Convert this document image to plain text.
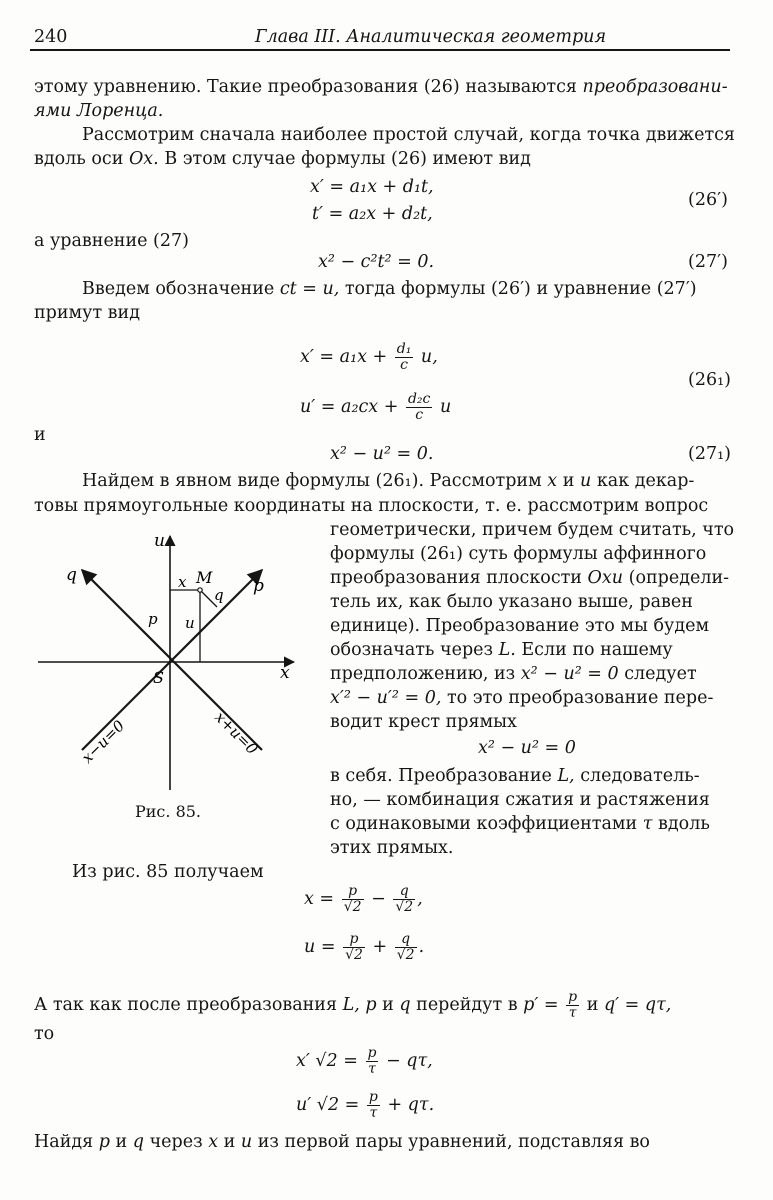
240	Глава III. Аналитическая геометрия
этому уравнению. Такие преобразования (26) называются преобразовани-
ями Лоренца.
Рассмотрим сначала наиболее простой случай, когда точка движется
вдоль оси Ox. В этом случае формулы (26) имеют вид
x′ = a₁x + d₁t,
t′ = a₂x + d₂t,
(26′)
а уравнение (27)
x² − c²t² = 0.	(27′)
Введем обозначение ct = u, тогда формулы (26′) и уравнение (27′)
примут вид
$x' = a_1x + \frac{\text{d₁}}{c} u$,
$u' = a_2cx + \frac{\text{d₂c}}{c}$ u
(26₁)
и
x² − u² = 0.	(27₁)
Найдем в явном виде формулы (26₁). Рассмотрим x и u как декар-
товы прямоугольные координаты на плоскости, т. е. рассмотрим вопрос
геометрически, причем будем считать, что
формулы (26₁) суть формулы аффинного
преобразования плоскости Oxu (определи-
тель их, как было указано выше, равен
единице). Преобразование это мы будем
обозначать через L. Если по нашему
предположению, из x² − u² = 0 следует
x′² − u′² = 0, то это преобразование пере-
водит крест прямых
x² − u² = 0
в себя. Преобразование L, следователь-
но, — комбинация сжатия и растяжения
с одинаковыми коэффициентами τ вдоль
этих прямых.
u
x
S
q
p
M
x
q
p u
x−u=0	x+u=0
Рис. 85.
Из рис. 85 получаем
$x = \frac{p}{√2} - \frac{q}{√2}$ ,
$u = \frac{p}{√2} + \frac{q}{√2}$ .
А так как после преобразования L, p и q перейдут в $p' = \frac{p}{\tau}$ и q′ = qτ,
то
x′ $√2 = \frac{p}{\tau} - q\tau$,
u′ $√2 = \frac{p}{\tau} + q\tau$.
Найдя p и q через x и u из первой пары уравнений, подставляя во
